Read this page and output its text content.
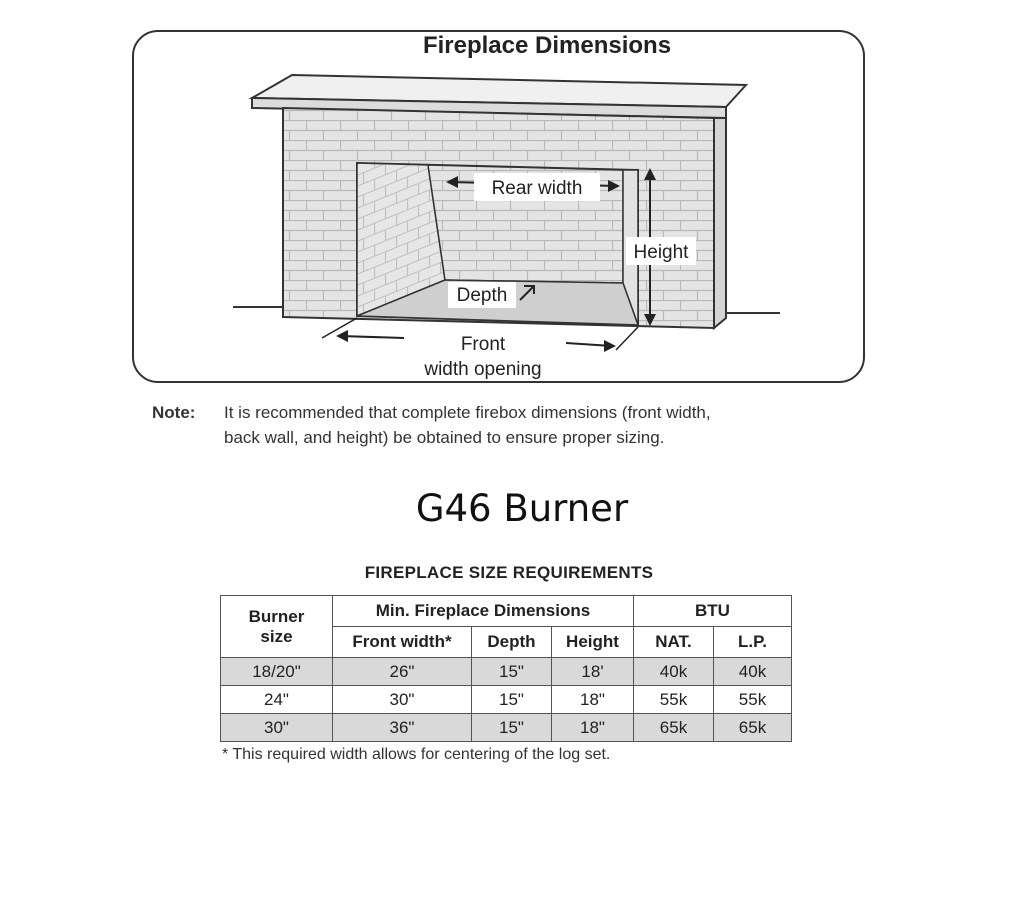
Fireplace Dimensions
Rear width
Height
Depth
Front
width opening
Note: It is recommended that complete firebox dimensions (front width,
back wall, and height) be obtained to ensure proper sizing.
G46 Burner
FIREPLACE SIZE REQUIREMENTS
Burner
size	Min. Fireplace Dimensions			BTU	
	Front width*	Depth	Height	NAT.	L.P.
18/20"	26"	15"	18'	40k	40k
24"	30"	15"	18"	55k	55k
30"	36"	15"	18"	65k	65k
* This required width allows for centering of the log set.
